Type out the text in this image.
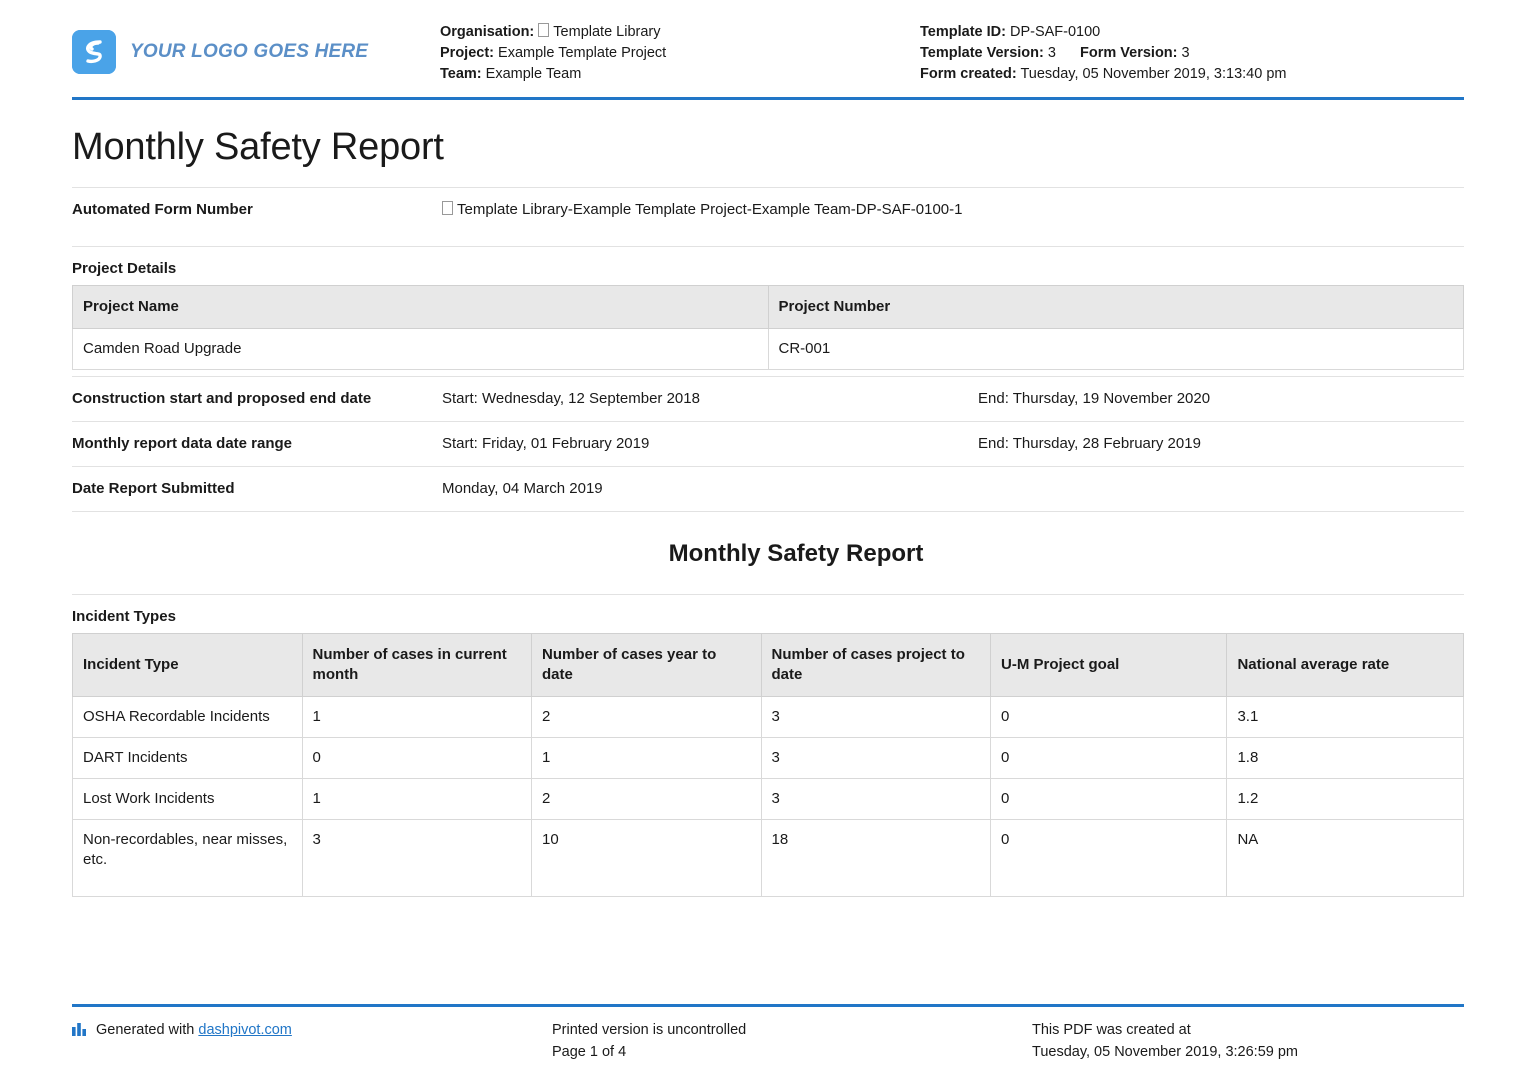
YOUR LOGO GOES HERE
Organisation: Template Library
Project: Example Template Project
Team: Example Team
Template ID: DP-SAF-0100
Template Version: 3 Form Version: 3
Form created: Tuesday, 05 November 2019, 3:13:40 pm
Monthly Safety Report
Automated Form Number	Template Library-Example Template Project-Example Team-DP-SAF-0100-1
Project Details
Project Name	Project Number
Camden Road Upgrade	CR-001
Construction start and proposed end date	Start: Wednesday, 12 September 2018	End: Thursday, 19 November 2020
Monthly report data date range	Start: Friday, 01 February 2019	End: Thursday, 28 February 2019
Date Report Submitted	Monday, 04 March 2019
Monthly Safety Report
Incident Types
Incident Type	Number of cases in current month	Number of cases year to date	Number of cases project to date	U-M Project goal	National average rate
OSHA Recordable Incidents	1	2	3	0	3.1
DART Incidents	0	1	3	0	1.8
Lost Work Incidents	1	2	3	0	1.2
Non-recordables, near misses, etc.	3	10	18	0	NA
Generated with dashpivot.com	Printed version is uncontrolled
Page 1 of 4
This PDF was created at
Tuesday, 05 November 2019, 3:26:59 pm
